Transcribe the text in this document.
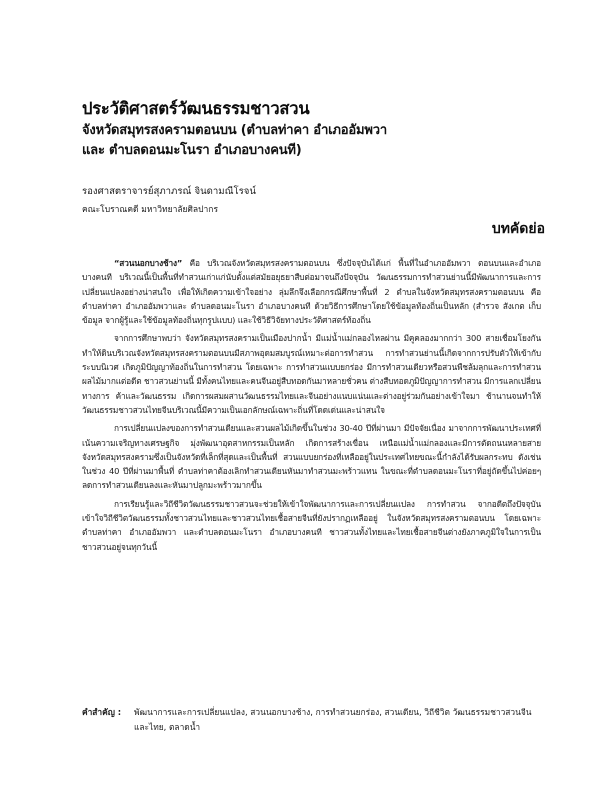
ประวัติศาสตร์วัฒนธรรมชาวสวน

จังหวัดสมุทรสงครามตอนบน (ตำบลท่าคา อำเภออัมพวา

และ ตำบลดอนมะโนรา อำเภอบางคนที)

รองศาสตราจารย์สุภาภรณ์ จินดามณีโรจน์

คณะโบราณคดี มหาวิทยาลัยศิลปากร

บทคัดย่อ

“สวนนอกบางช้าง” คือ บริเวณจังหวัดสมุทรสงครามตอนบน ซึ่งปัจจุบันได้แก่ พื้นที่ในอำเภออัมพวา ตอนบนและอำเภอบางคนที บริเวณนี้เป็นพื้นที่ทำสวนเก่าแก่นับตั้งแต่สมัยอยุธยาสืบต่อมาจนถึงปัจจุบัน วัฒนธรรมการทำสวนย่านนี้มีพัฒนาการและการเปลี่ยนแปลงอย่างน่าสนใจ เพื่อให้เกิดความเข้าใจอย่าง ลุ่มลึกจึงเลือกกรณีศึกษาพื้นที่ 2 ตำบลในจังหวัดสมุทรสงครามตอนบน คือ ตำบลท่าคา อำเภออัมพวาและ ตำบลดอนมะโนรา อำเภอบางคนที ด้วยวิธีการศึกษาโดยใช้ข้อมูลท้องถิ่นเป็นหลัก (สำรวจ สังเกต เก็บข้อมูล จากผู้รู้และใช้ข้อมูลท้องถิ่นทุกรูปแบบ) และใช้วิธีวิจัยทางประวัติศาสตร์ท้องถิ่น

จากการศึกษาพบว่า จังหวัดสมุทรสงครามเป็นเมืองปากน้ำ มีแม่น้ำแม่กลองไหลผ่าน มีคูคลองมากกว่า 300 สายเชื่อมโยงกัน ทำให้ดินบริเวณจังหวัดสมุทรสงครามตอนบนมีสภาพอุดมสมบูรณ์เหมาะต่อการทำสวน การทำสวนย่านนี้เกิดจากการปรับตัวให้เข้ากับระบบนิเวศ เกิดภูมิปัญญาท้องถิ่นในการทำสวน โดยเฉพาะ การทำสวนแบบยกร่อง มีการทำสวนเดียวหรือสวนพืชล้มลุกและการทำสวนผลไม้มากแต่อดีต ชาวสวนย่านนี้ มีทั้งคนไทยและคนจีนอยู่สืบทอดกันมาหลายชั่วคน ต่างสืบทอดภูมิปัญญาการทำสวน มีการแลกเปลี่ยนทางการ ค้าและวัฒนธรรม เกิดการผสมผสานวัฒนธรรมไทยและจีนอย่างแนบแน่นและต่างอยู่ร่วมกันอย่างเข้าใจมา ช้านานจนทำให้วัฒนธรรมชาวสวนไทยจีนบริเวณนี้มีความเป็นเอกลักษณ์เฉพาะถิ่นที่โดดเด่นและน่าสนใจ

การเปลี่ยนแปลงของการทำสวนเดียนและสวนผลไม้เกิดขึ้นในช่วง 30-40 ปีที่ผ่านมา มีปัจจัยเนื่อง มาจากการพัฒนาประเทศที่เน้นความเจริญทางเศรษฐกิจ มุ่งพัฒนาอุตสาหกรรมเป็นหลัก เกิดการสร้างเขื่อน เหนือแม่น้ำแม่กลองและมีการตัดถนนหลายสาย จังหวัดสมุทรสงครามซึ่งเป็นจังหวัดที่เล็กที่สุดและเป็นพื้นที่ สวนแบบยกร่องที่เหลืออยู่ในประเทศไทยขณะนี้กำลังได้รับผลกระทบ ดังเช่นในช่วง 40 ปีที่ผ่านมาพื้นที่ ตำบลท่าคาต้องเลิกทำสวนเดียนหันมาทำสวนมะพร้าวแทน ในขณะที่ตำบลดอนมะโนราที่อยู่ถัดขึ้นไปค่อยๆ ลดการทำสวนเดียนลงและหันมาปลูกมะพร้าวมากขึ้น

การเรียนรู้และวิถีชีวิตวัฒนธรรมชาวสวนจะช่วยให้เข้าใจพัฒนาการและการเปลี่ยนแปลง การทำสวน จากอดีตถึงปัจจุบัน เข้าใจวิถีชีวิตวัฒนธรรมทั้งชาวสวนไทยและชาวสวนไทยเชื้อสายจีนที่ยังปรากฏเหลืออยู่ ในจังหวัดสมุทรสงครามตอนบน โดยเฉพาะตำบลท่าคา อำเภออัมพวา และตำบลดอนมะโนรา อำเภอบางคนที ชาวสวนทั้งไทยและไทยเชื้อสายจีนต่างยังภาคภูมิใจในการเป็นชาวสวนอยู่จนทุกวันนี้

คำสำคัญ :	พัฒนาการและการเปลี่ยนแปลง, สวนนอกบางช้าง, การทำสวนยกร่อง, สวนเดียน, วิถีชีวิต วัฒนธรรมชาวสวนจีนและไทย, ตลาดน้ำ
